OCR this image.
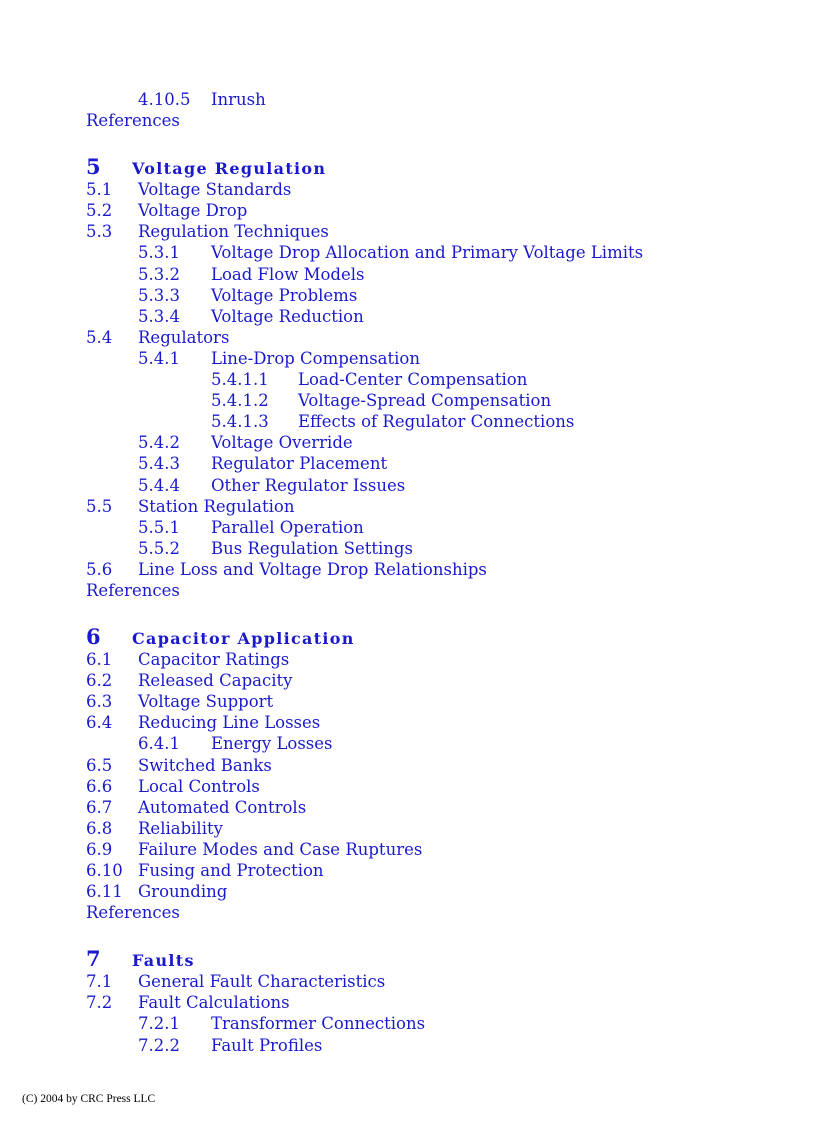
4.10.5 Inrush
References
5 Voltage Regulation
5.1 Voltage Standards
5.2 Voltage Drop
5.3 Regulation Techniques
5.3.1 Voltage Drop Allocation and Primary Voltage Limits
5.3.2 Load Flow Models
5.3.3 Voltage Problems
5.3.4 Voltage Reduction
5.4 Regulators
5.4.1 Line-Drop Compensation
5.4.1.1 Load-Center Compensation
5.4.1.2 Voltage-Spread Compensation
5.4.1.3 Effects of Regulator Connections
5.4.2 Voltage Override
5.4.3 Regulator Placement
5.4.4 Other Regulator Issues
5.5 Station Regulation
5.5.1 Parallel Operation
5.5.2 Bus Regulation Settings
5.6 Line Loss and Voltage Drop Relationships
References
6 Capacitor Application
6.1 Capacitor Ratings
6.2 Released Capacity
6.3 Voltage Support
6.4 Reducing Line Losses
6.4.1 Energy Losses
6.5 Switched Banks
6.6 Local Controls
6.7 Automated Controls
6.8 Reliability
6.9 Failure Modes and Case Ruptures
6.10 Fusing and Protection
6.11 Grounding
References
7 Faults
7.1 General Fault Characteristics
7.2 Fault Calculations
7.2.1 Transformer Connections
7.2.2 Fault Profiles
(C) 2004 by CRC Press LLC
